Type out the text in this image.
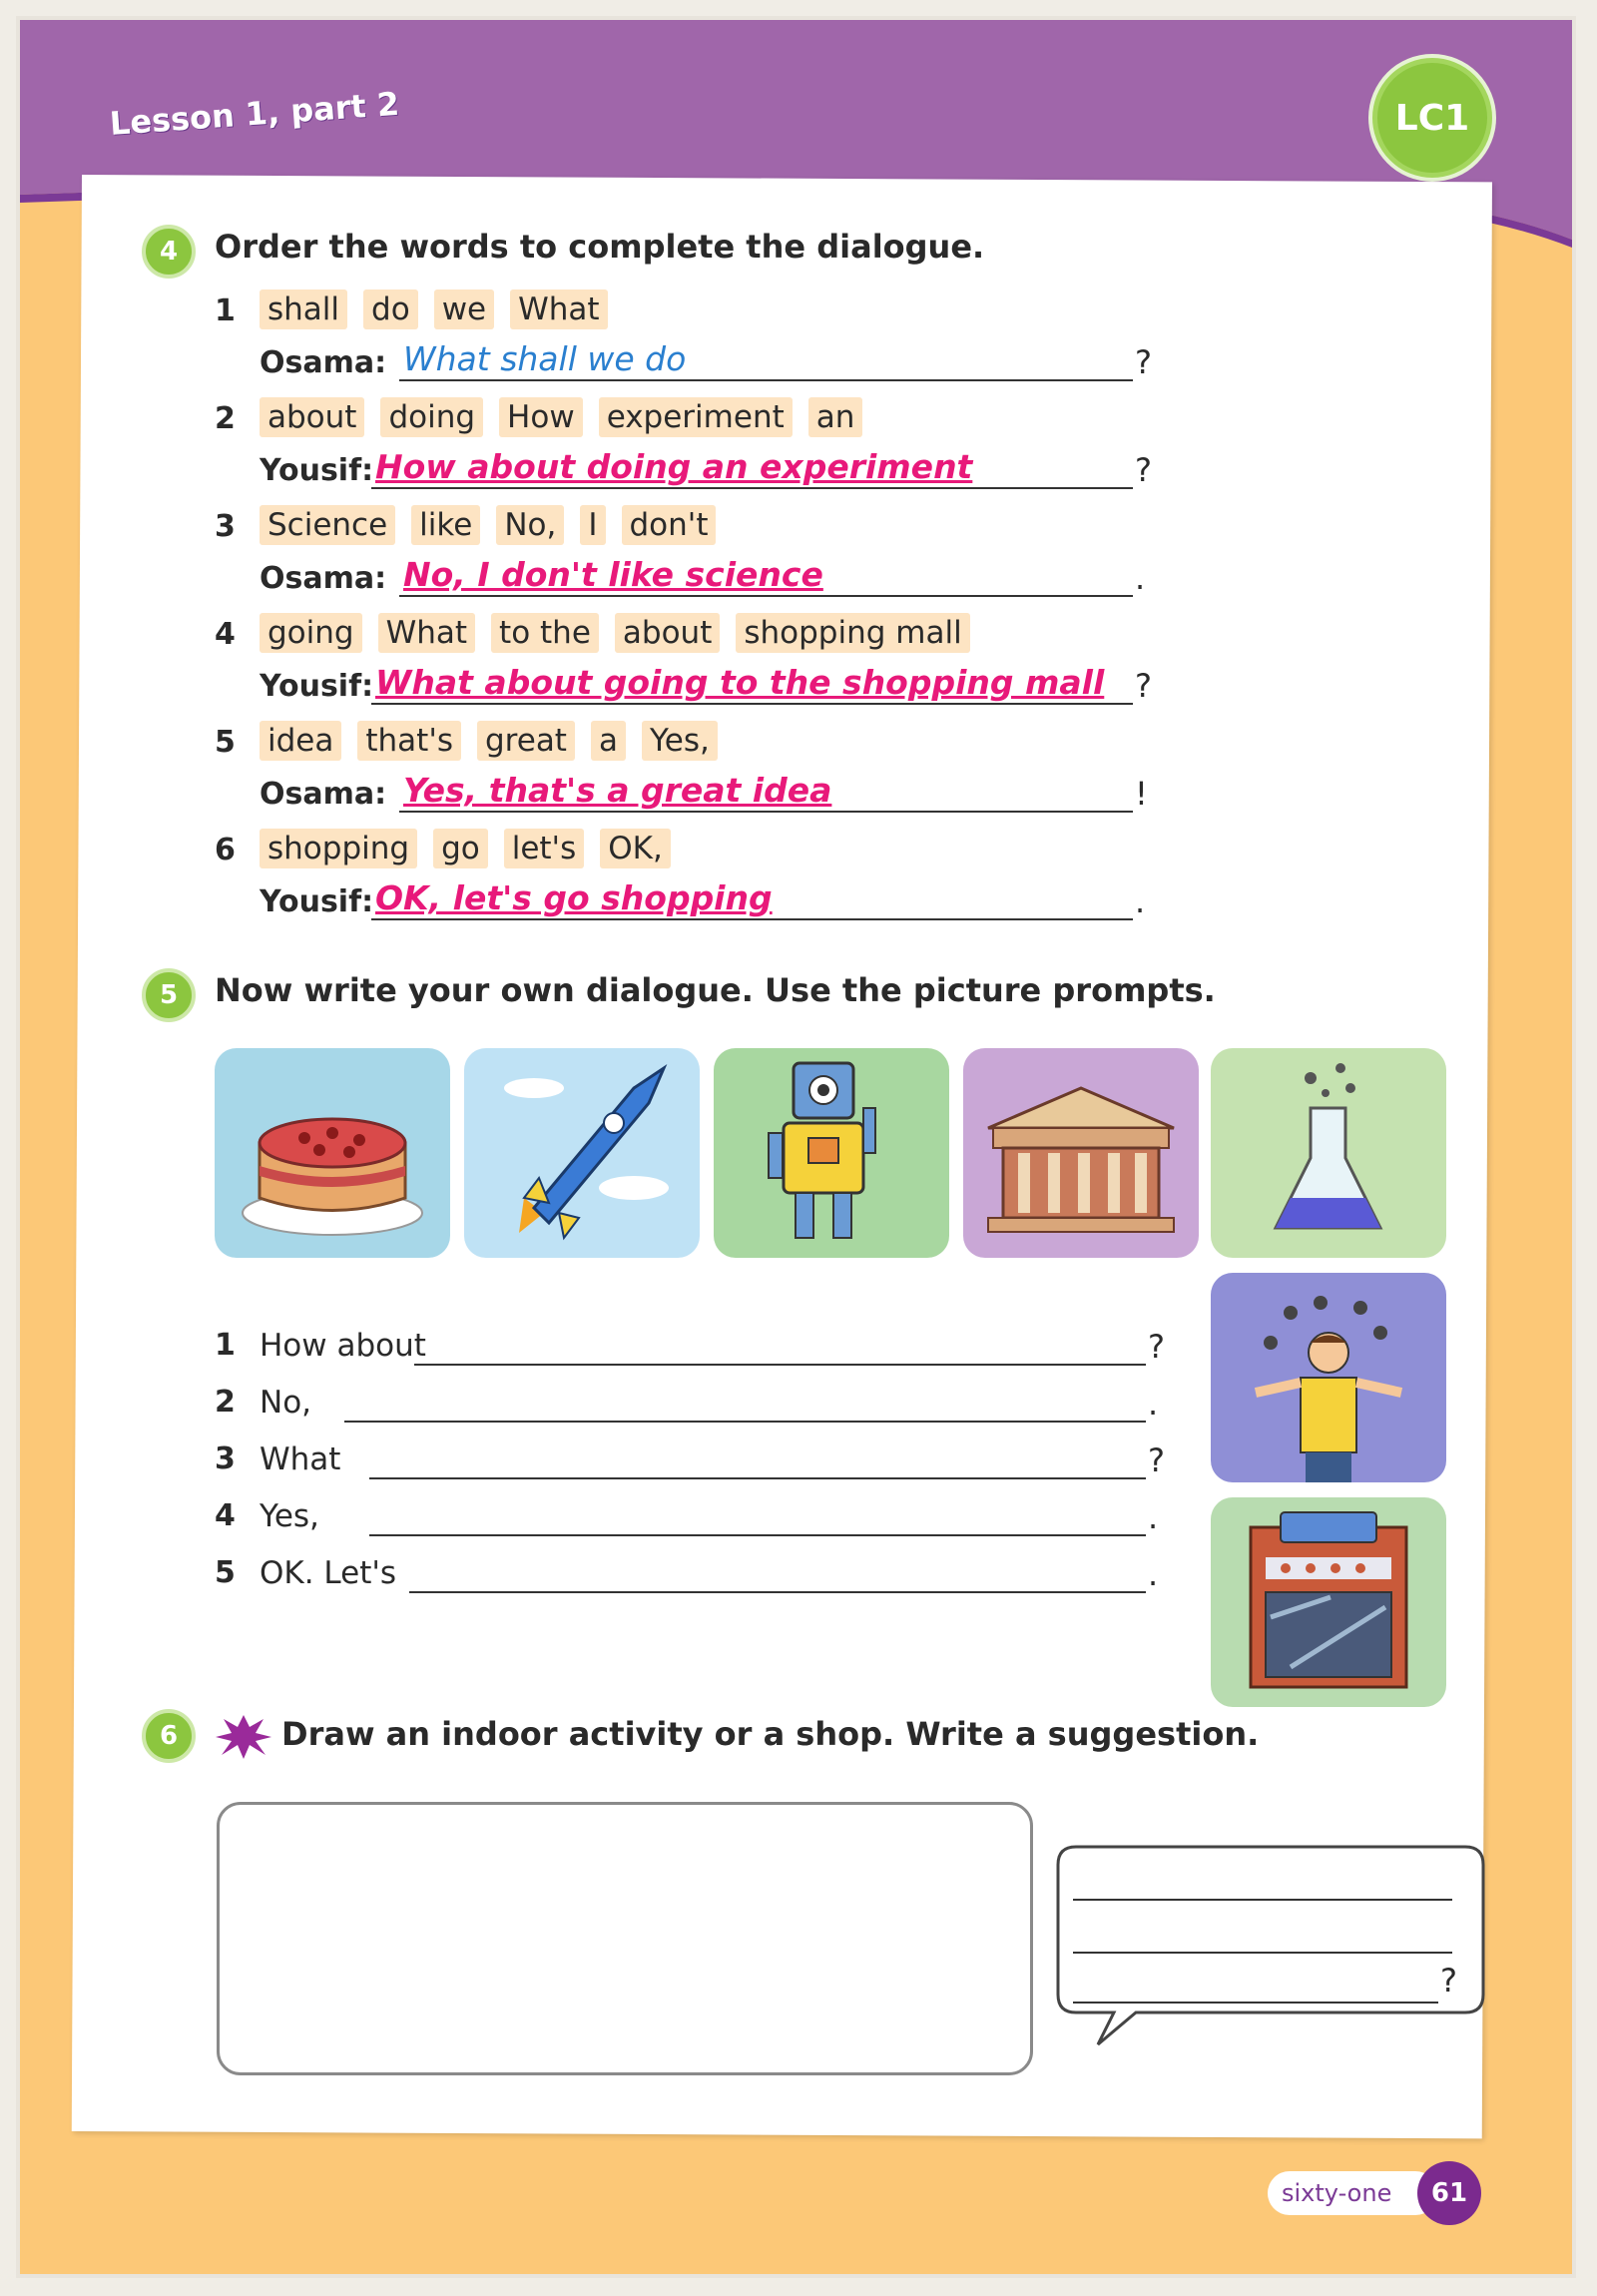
Lesson 1, part 2	LC1
4	Order the words to complete the dialogue.
1 shall do we What
Osama: What shall we do	?
2 about doing How experiment an
Yousif: How about doing an experiment	?
3 Science like No, I don't
Osama: No, I don't like science	.
4 going What to the about shopping mall
Yousif: What about going to the shopping mall ?
5 idea that's great a Yes,
Osama: Yes, that's a great idea	!
6 shopping go let's OK,
Yousif: OK, let's go shopping	.
5	Now write your own dialogue. Use the picture prompts.
1 How about	?
2 No,	.
3 What	?
4 Yes,	.
5 OK. Let's	.
6	Draw an indoor activity or a shop. Write a suggestion.
?
sixty-one	61
